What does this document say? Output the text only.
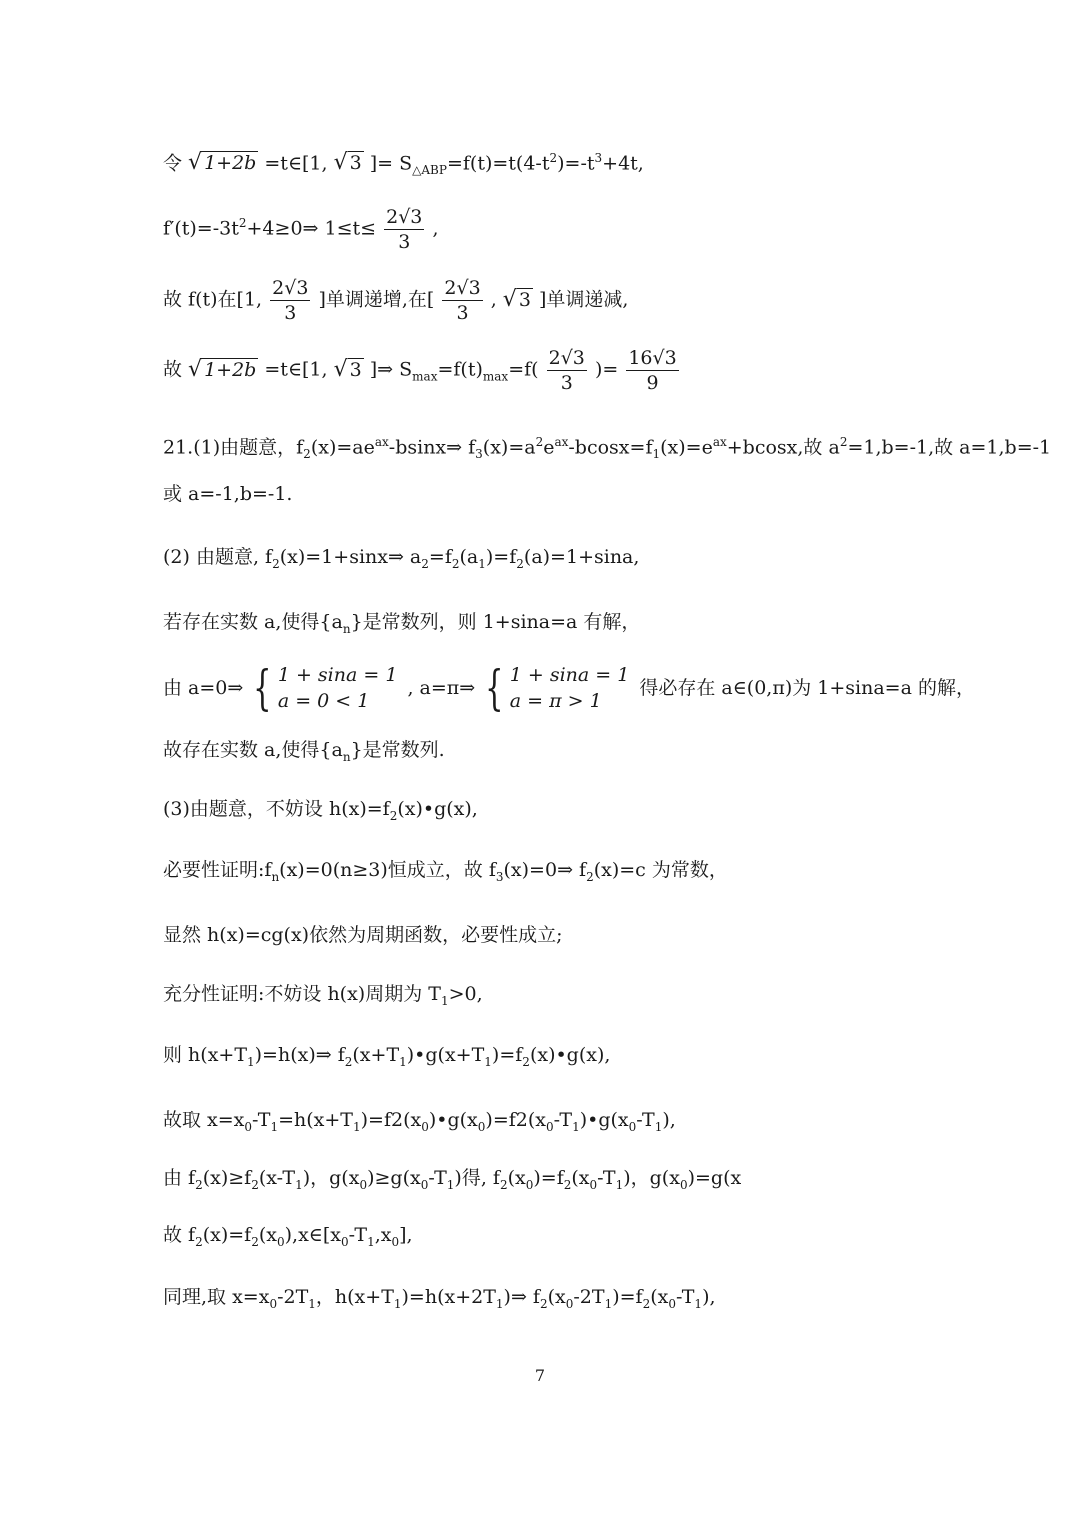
令 √ 1+2b =t∈[1, √ 3 ]= $S_{\triangle ABP}=f(t)=t(4-t^2)=-t^3+4t$,
$f'(t)=-3t^2+4\ge 0\Rightarrow$ $1\le t\le \frac{2√3}{3}$ ,
故 f(t)在[1, $\frac{2√3}{3}$ ]单调递增,在[ $\frac{2√3}{3}$ , √ 3 ]单调递减,
故 √ 1+2b =t∈[1, √ 3 ]⇒ $S_{max}=f(t)_{max}=f( \frac{2√3}{3}$ )= $\frac{16√3}{9}$
21.(1)由题意，$f_2(x)=ae^{ax}-bsinx\Rightarrow$ $f_3(x)=a^2e^{ax}-bcosx=f_1(x)=e^{ax}+bcosx$,故 $a^2=1,b=-1$,故 a=1,b=-1
或 a=-1,b=-1.
(2) 由题意, $f_2(x)=1+\sin x\Rightarrow$ $a_2=f_2(a_1)=f_2(a)=1+\sin a$,
若存在实数 a,使得$\{a_n\}$是常数列，则 1+sina=a 有解，
由 a=0⇒ { 1 + sina = 1
a = 0 < 1
, a=π⇒ { 1 + sina = 1
a = π > 1
得必存在 a∈(0,π)为 1+sina=a 的解，
故存在实数 a,使得$\{a_n\}$是常数列.
(3)由题意，不妨设 $h(x)=f_2(x)•g(x)$,
必要性证明$:f_n(x)=0(n\ge 3)$恒成立，故 $f_3(x)=0\Rightarrow$ $f_2(x)=c$ 为常数，
显然 h(x)=cg(x)依然为周期函数，必要性成立;
充分性证明:不妨设 h(x)周期为 $T_1>0$,
则 $h(x+T_1)=h(x)\Rightarrow$ $f_2(x+T_1)•g(x+T_1)=f_2(x)•g(x)$,
故取 $x=x_0-T_1=h(x+T_1)=f2(x_0)•g(x_0)=f2(x_0-T_1)•g(x_0-T_1)$,
由 $f_2(x)\ge f_2(x-T_1)$，$g(x_0)\ge g(x_0-T_1)$得, $f_2(x_0)=f_2(x_0-T_1)$，$g(x_0)=g(x$
故 $f_2(x)=f_2(x_0),x\in[x_0-T_1,x_0]$,
同理,取 $x=x_0-2T_1$，$h(x+T_1)=h(x+2T_1)\Rightarrow$ $f_2(x_0-2T_1)=f_2(x_0-T_1)$,
7
